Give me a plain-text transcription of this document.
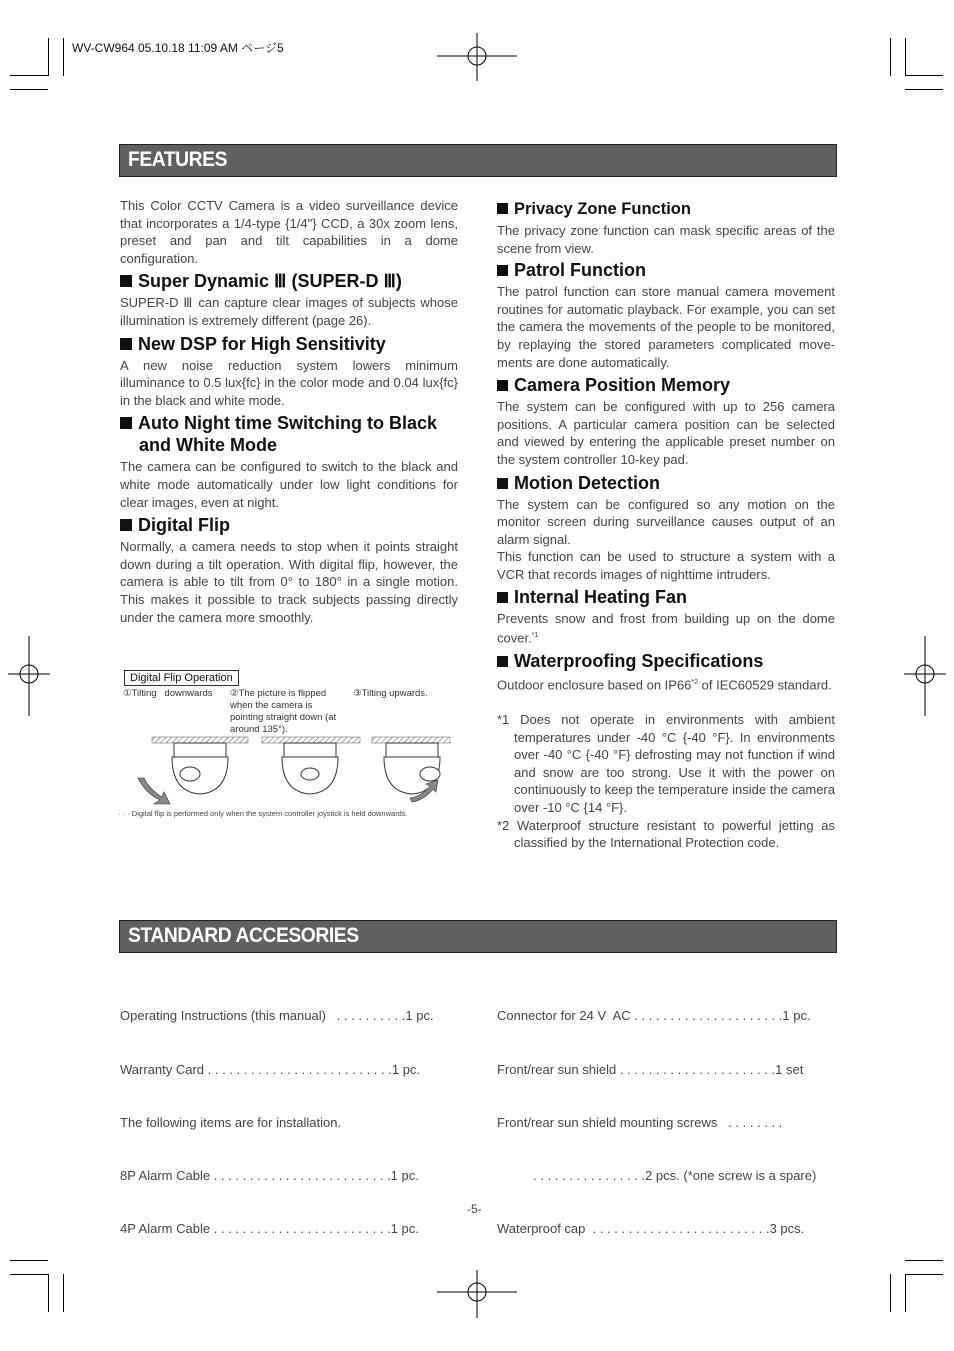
WV-CW964 05.10.18 11:09 AM ページ5
FEATURES

This Color CCTV Camera is a video surveillance device that incorporates a 1/4-type {1/4"} CCD, a 30x zoom lens, preset and pan and tilt capabilities in a dome configuration.

Super Dynamic Ⅲ (SUPER-D Ⅲ)

SUPER-D Ⅲ can capture clear images of subjects whose illumination is extremely different (page 26).

New DSP for High Sensitivity

A new noise reduction system lowers minimum illuminance to 0.5 lux{fc} in the color mode and 0.04 lux{fc} in the black and white mode.

Auto Night time Switching to Black and White Mode

The camera can be configured to switch to the black and white mode automatically under low light conditions for clear images, even at night.

Digital Flip

Normally, a camera needs to stop when it points straight down during a tilt operation. With digital flip, however, the camera is able to tilt from 0° to 180° in a single motion. This makes it possible to track subjects passing directly under the camera more smoothly.

Digital Flip Operation
①Tilting   downwards ②The picture is flipped when the camera is pointing straight down (at around 135°).
③Tilting upwards.
· · · Digital flip is performed only when the system controller joystick is held downwards.
Privacy Zone Function

The privacy zone function can mask specific areas of the scene from view.

Patrol Function

The patrol function can store manual camera movement routines for automatic playback. For example, you can set the camera the movements of the people to be monitored, by replaying the stored parameters complicated move-ments are done automatically.

Camera Position Memory

The system can be configured with up to 256 camera positions. A particular camera position can be selected and viewed by entering the applicable preset number on the system controller 10-key pad.

Motion Detection

The system can be configured so any motion on the monitor screen during surveillance causes output of an alarm signal.

This function can be used to structure a system with a VCR that records images of nighttime intruders.

Internal Heating Fan

Prevents snow and frost from building up on the dome cover.$^{*1}$

Waterproofing Specifications

Outdoor enclosure based on IP66$^{*2}$ of IEC60529 standard.

*1 Does not operate in environments with ambient temperatures under -40 °C {-40 °F}. In environments over -40 °C {-40 °F} defrosting may not function if wind and snow are too strong. Use it with the power on continuously to keep the temperature inside the camera over -10 °C {14 °F}.

*2 Waterproof structure resistant to powerful jetting as classified by the International Protection code.

STANDARD ACCESORIES

Operating Instructions (this manual)   . . . . . . . . . .1 pc.

Warranty Card . . . . . . . . . . . . . . . . . . . . . . . . . .1 pc.

The following items are for installation.

8P Alarm Cable . . . . . . . . . . . . . . . . . . . . . . . . .1 pc.

4P Alarm Cable . . . . . . . . . . . . . . . . . . . . . . . . .1 pc.

Connector for 24 V  AC . . . . . . . . . . . . . . . . . . . . .1 pc.

Front/rear sun shield . . . . . . . . . . . . . . . . . . . . . .1 set

Front/rear sun shield mounting screws   . . . . . . . .

. . . . . . . . . . . . . . . .2 pcs. (*one screw is a spare)

Waterproof cap  . . . . . . . . . . . . . . . . . . . . . . . . .3 pcs.

-5-
